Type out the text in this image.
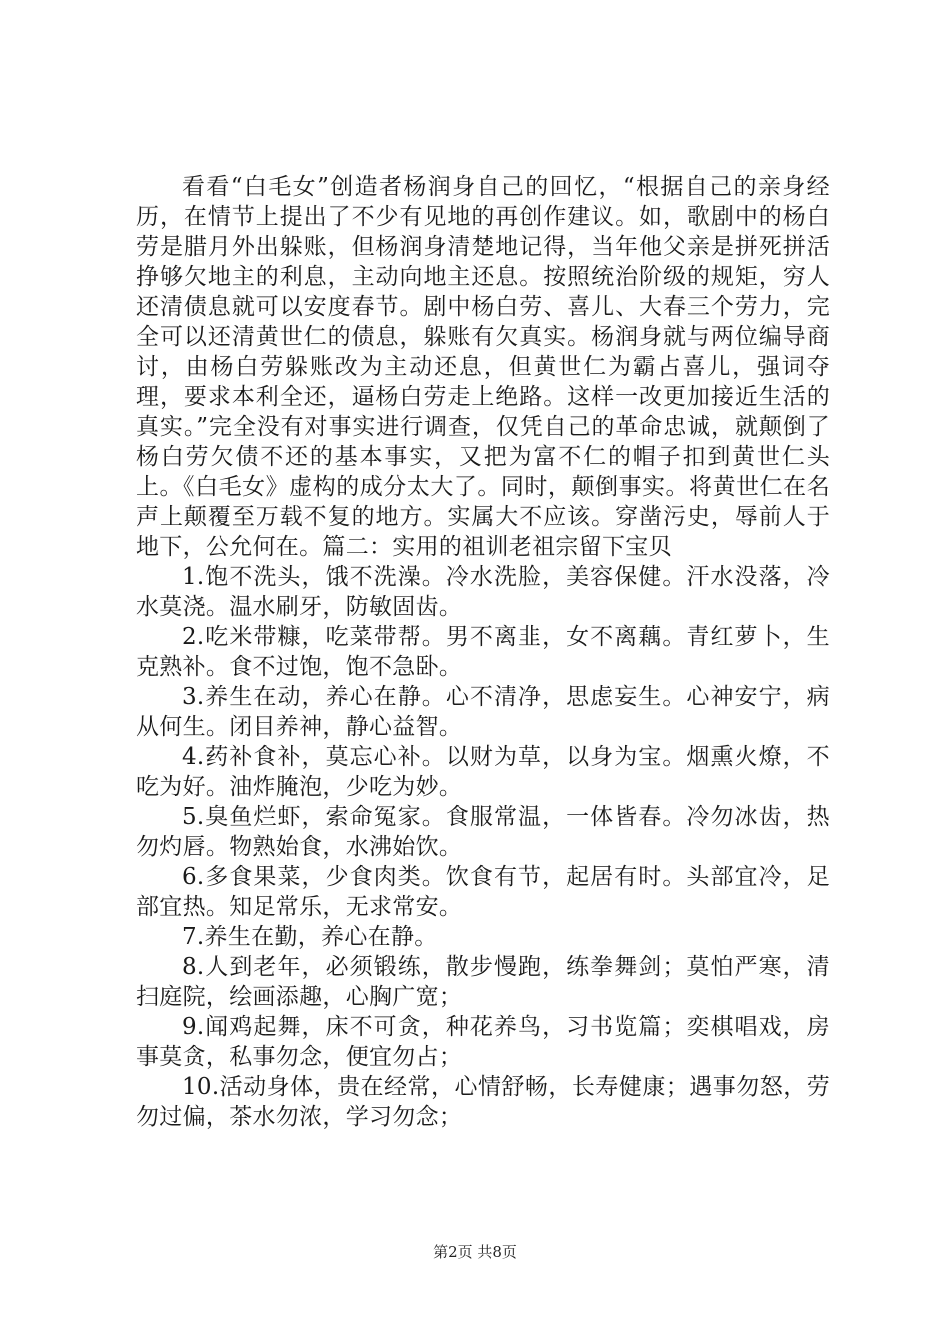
看看“白毛女”创造者杨润身自己的回忆，“根据自己的亲身经历，在情节上提出了不少有见地的再创作建议。如，歌剧中的杨白劳是腊月外出躲账，但杨润身清楚地记得，当年他父亲是拼死拼活挣够欠地主的利息，主动向地主还息。按照统治阶级的规矩，穷人还清债息就可以安度春节。剧中杨白劳、喜儿、大春三个劳力，完全可以还清黄世仁的债息，躲账有欠真实。杨润身就与两位编导商讨，由杨白劳躲账改为主动还息，但黄世仁为霸占喜儿，强词夺理，要求本利全还，逼杨白劳走上绝路。这样一改更加接近生活的真实。”完全没有对事实进行调查，仅凭自己的革命忠诚，就颠倒了杨白劳欠债不还的基本事实，又把为富不仁的帽子扣到黄世仁头上。《白毛女》虚构的成分太大了。同时，颠倒事实。将黄世仁在名声上颠覆至万载不复的地方。实属大不应该。穿凿污史，辱前人于地下，公允何在。篇二：实用的祖训老祖宗留下宝贝

1.饱不洗头，饿不洗澡。冷水洗脸，美容保健。汗水没落，冷水莫浇。温水刷牙，防敏固齿。

2.吃米带糠，吃菜带帮。男不离韭，女不离藕。青红萝卜，生克熟补。食不过饱，饱不急卧。

3.养生在动，养心在静。心不清净，思虑妄生。心神安宁，病从何生。闭目养神，静心益智。

4.药补食补，莫忘心补。以财为草，以身为宝。烟熏火燎，不吃为好。油炸腌泡，少吃为妙。

5.臭鱼烂虾，索命冤家。食服常温，一体皆春。冷勿冰齿，热勿灼唇。物熟始食，水沸始饮。

6.多食果菜，少食肉类。饮食有节，起居有时。头部宜冷，足部宜热。知足常乐，无求常安。

7.养生在勤，养心在静。

8.人到老年，必须锻练，散步慢跑，练拳舞剑；莫怕严寒，清扫庭院，绘画添趣，心胸广宽；

9.闻鸡起舞，床不可贪，种花养鸟，习书览篇；奕棋唱戏，房事莫贪，私事勿念，便宜勿占；

10.活动身体，贵在经常，心情舒畅，长寿健康；遇事勿怒，劳勿过偏，茶水勿浓，学习勿念；

第2页 共8页
